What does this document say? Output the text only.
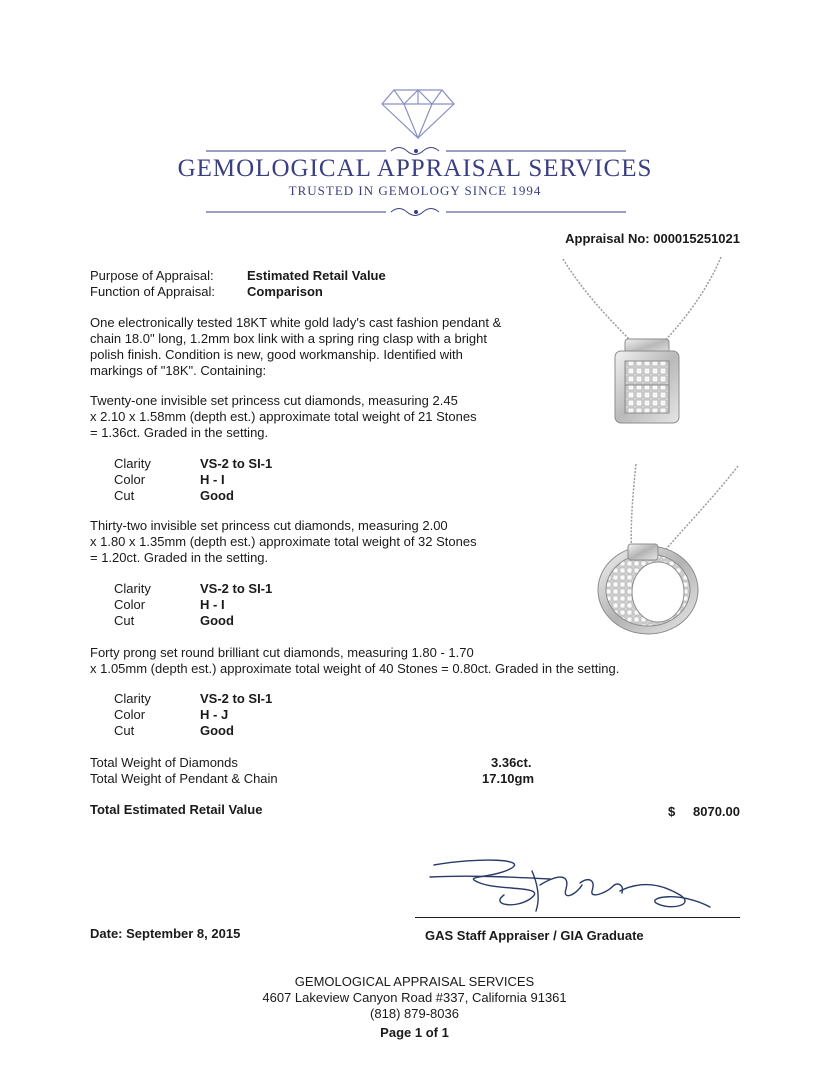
GEMOLOGICAL APPRAISAL SERVICES
TRUSTED IN GEMOLOGY SINCE 1994
Appraisal No: 000015251021
Purpose of Appraisal:	Estimated Retail Value
Function of Appraisal: Comparison
One electronically tested 18KT white gold lady's cast fashion pendant & chain 18.0" long, 1.2mm box link with a spring ring clasp with a bright polish finish. Condition is new, good workmanship. Identified with markings of "18K". Containing:
Twenty-one invisible set princess cut diamonds, measuring 2.45
x 2.10 x 1.58mm (depth est.) approximate total weight of 21 Stones
= 1.36ct. Graded in the setting.
Clarity	VS-2 to SI-1
Color	H - I
Cut	Good
Thirty-two invisible set princess cut diamonds, measuring 2.00
x 1.80 x 1.35mm (depth est.) approximate total weight of 32 Stones
= 1.20ct. Graded in the setting.
Clarity	VS-2 to SI-1
Color	H - I
Cut	Good
Forty prong set round brilliant cut diamonds, measuring 1.80 - 1.70
x 1.05mm (depth est.) approximate total weight of 40 Stones = 0.80ct. Graded in the setting.
Clarity	VS-2 to SI-1
Color	H - J
Cut	Good
Total Weight of Diamonds	3.36ct.
Total Weight of Pendant & Chain	17.10gm
Total Estimated Retail Value	$ 8070.00
Date: September 8, 2015	GAS Staff Appraiser / GIA Graduate
GEMOLOGICAL APPRAISAL SERVICES
4607 Lakeview Canyon Road #337, California 91361
(818) 879-8036
Page 1 of 1
